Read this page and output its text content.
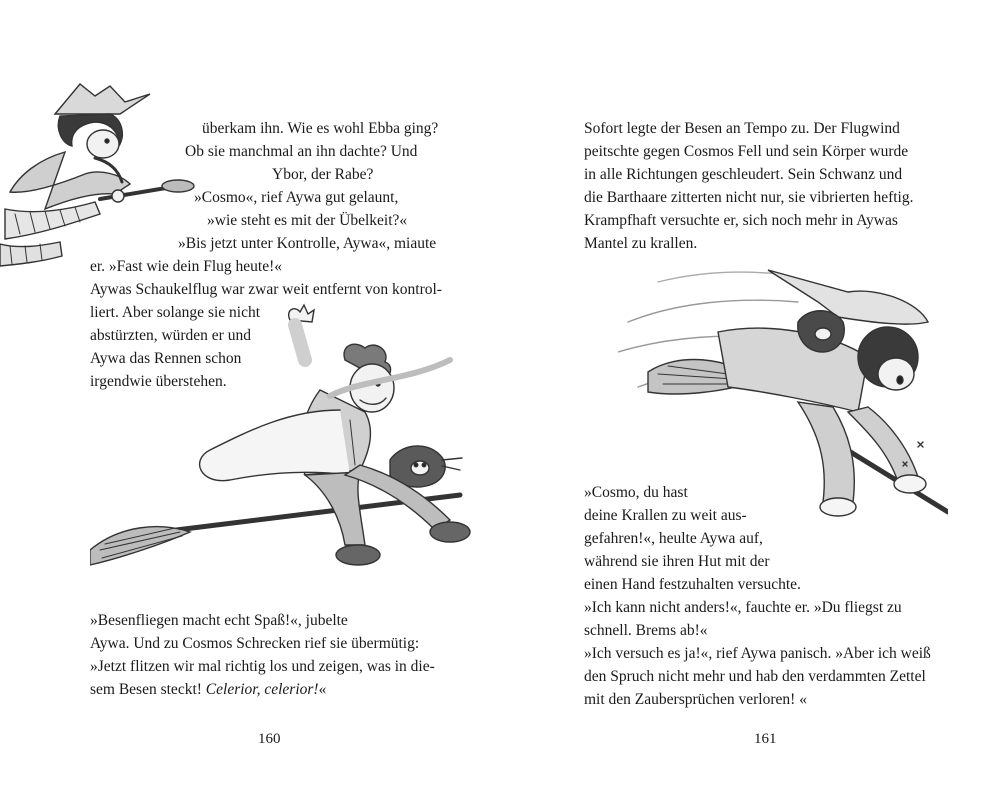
überkam ihn. Wie es wohl Ebba ging?
Ob sie manchmal an ihn dachte? Und
Ybor, der Rabe?
»Cosmo«, rief Aywa gut gelaunt,
»wie steht es mit der Übelkeit?«
»Bis jetzt unter Kontrolle, Aywa«, miaute
er. »Fast wie dein Flug heute!«
Aywas Schaukelflug war zwar weit entfernt von kontrol-
liert. Aber solange sie nicht
abstürzten, würden er und
Aywa das Rennen schon
irgendwie überstehen.
»Besenfliegen macht echt Spaß!«, jubelte
Aywa. Und zu Cosmos Schrecken rief sie übermütig:
»Jetzt flitzen wir mal richtig los und zeigen, was in die-
sem Besen steckt! Celerior, celerior!«
160
Sofort legte der Besen an Tempo zu. Der Flugwind
peitschte gegen Cosmos Fell und sein Körper wurde
in alle Richtungen geschleudert. Sein Schwanz und
die Barthaare zitterten nicht nur, sie vibrierten heftig.
Krampfhaft versuchte er, sich noch mehr in Aywas
Mantel zu krallen.
»Cosmo, du hast
deine Krallen zu weit aus-
gefahren!«, heulte Aywa auf,
während sie ihren Hut mit der
einen Hand festzuhalten versuchte.
»Ich kann nicht anders!«, fauchte er. »Du fliegst zu
schnell. Brems ab!«
»Ich versuch es ja!«, rief Aywa panisch. »Aber ich weiß
den Spruch nicht mehr und hab den verdammten Zettel
mit den Zaubersprüchen verloren! «
161
